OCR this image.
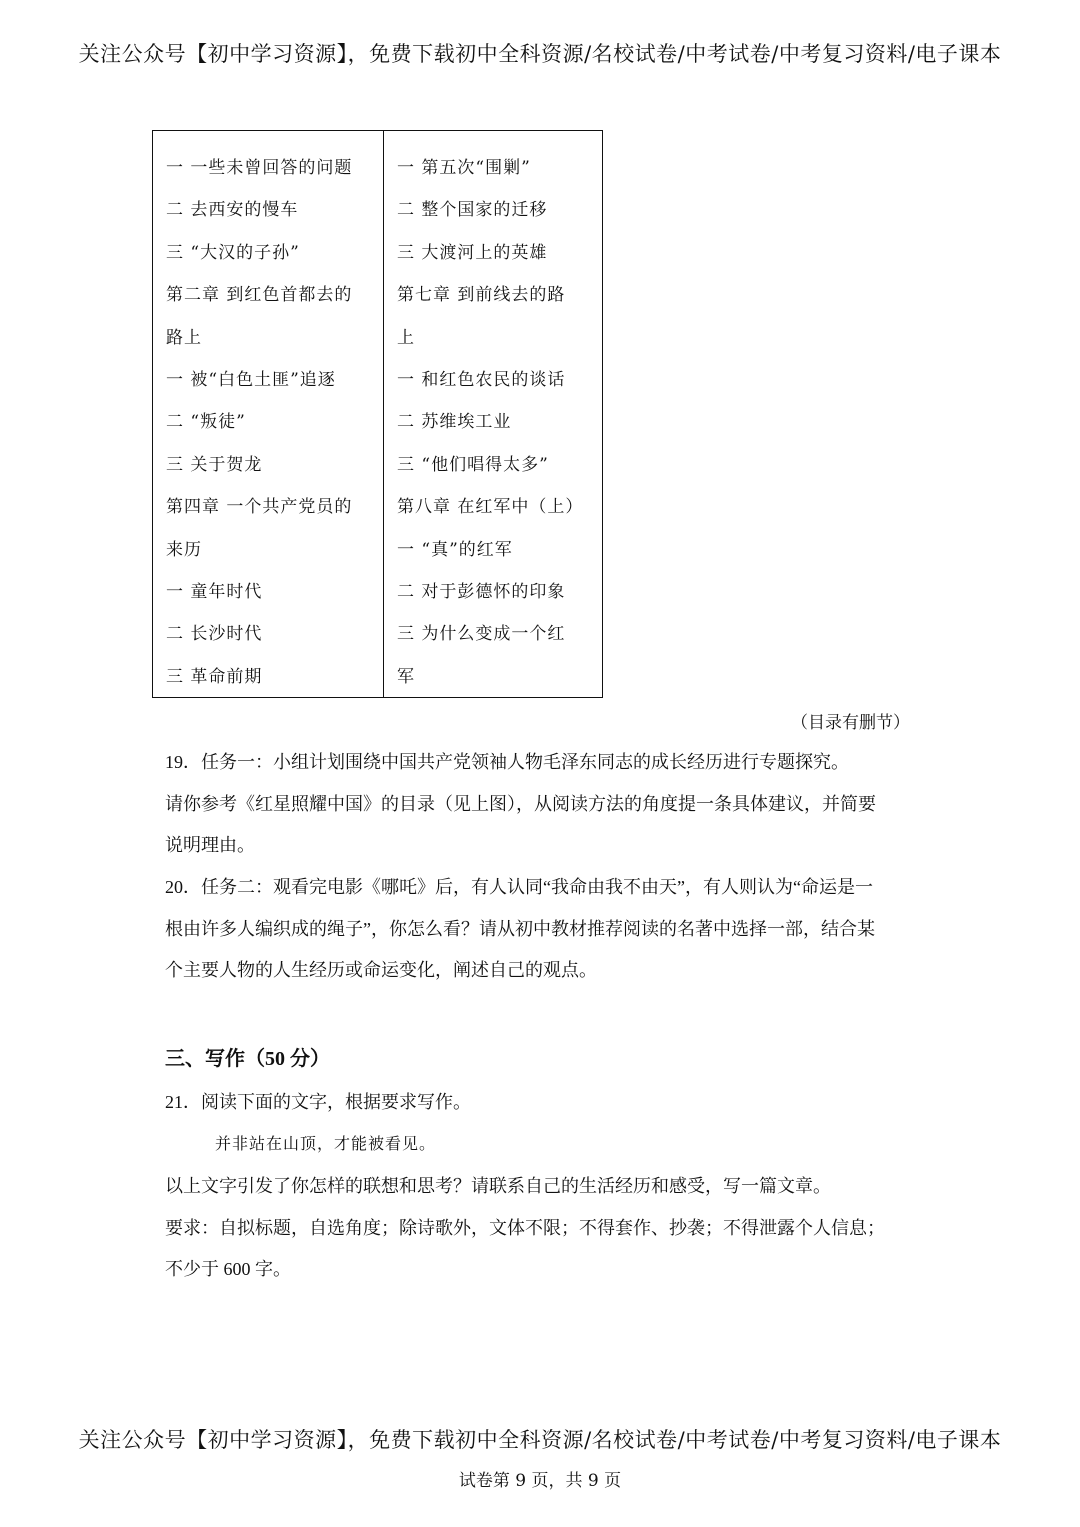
关注公众号【初中学习资源】，免费下载初中全科资源/名校试卷/中考试卷/中考复习资料/电子课本
一 一些未曾回答的问题
二 去西安的慢车
三 “大汉的子孙”
第二章 到红色首都去的
路上
一 被“白色土匪”追逐
二 “叛徒”
三 关于贺龙
第四章 一个共产党员的
来历
一 童年时代
二 长沙时代
三 革命前期
一 第五次“围剿”
二 整个国家的迁移
三 大渡河上的英雄
第七章 到前线去的路
上
一 和红色农民的谈话
二 苏维埃工业
三 “他们唱得太多”
第八章 在红军中（上）
一 “真”的红军
二 对于彭德怀的印象
三 为什么变成一个红
军
（目录有删节）

19．任务一：小组计划围绕中国共产党领袖人物毛泽东同志的成长经历进行专题探究。

请你参考《红星照耀中国》的目录（见上图），从阅读方法的角度提一条具体建议，并简要

说明理由。

20．任务二：观看完电影《哪吒》后，有人认同“我命由我不由天”，有人则认为“命运是一

根由许多人编织成的绳子”，你怎么看？请从初中教材推荐阅读的名著中选择一部，结合某

个主要人物的人生经历或命运变化，阐述自己的观点。

三、写作（50 分）

21．阅读下面的文字，根据要求写作。

并非站在山顶，才能被看见。

以上文字引发了你怎样的联想和思考？请联系自己的生活经历和感受，写一篇文章。

要求：自拟标题，自选角度；除诗歌外，文体不限；不得套作、抄袭；不得泄露个人信息；

不少于 600 字。

关注公众号【初中学习资源】，免费下载初中全科资源/名校试卷/中考试卷/中考复习资料/电子课本
试卷第 9 页，共 9 页
